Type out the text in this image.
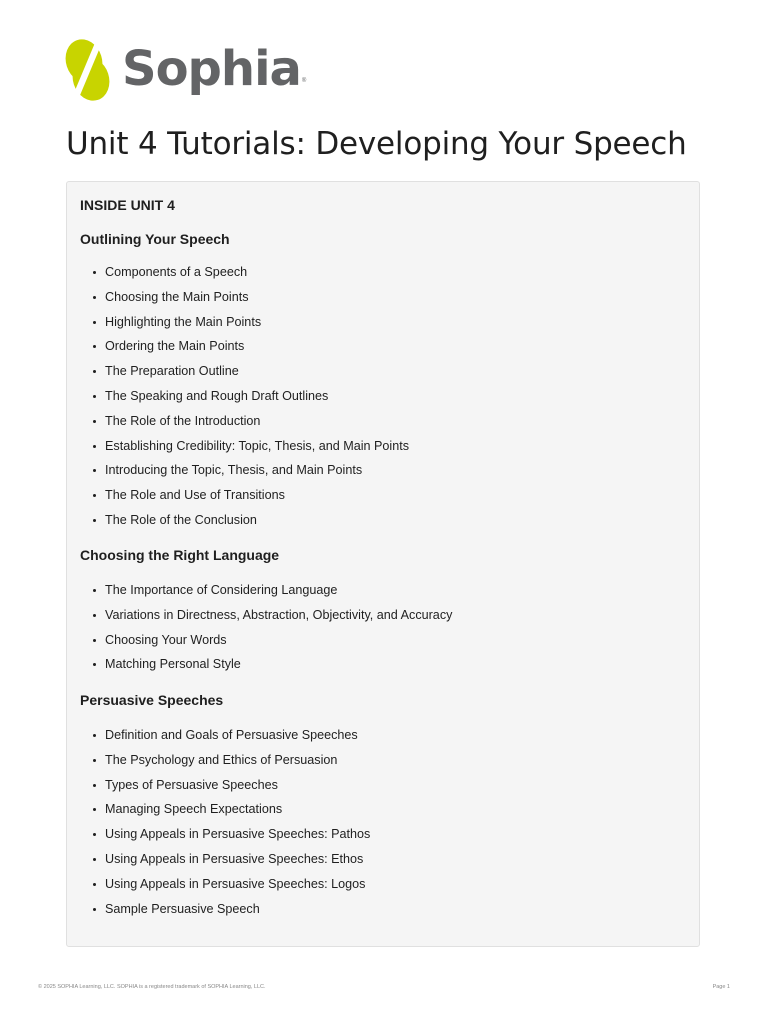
Sophia ®
Unit 4 Tutorials: Developing Your Speech
INSIDE UNIT 4
Outlining Your Speech
Components of a Speech
Choosing the Main Points
Highlighting the Main Points
Ordering the Main Points
The Preparation Outline
The Speaking and Rough Draft Outlines
The Role of the Introduction
Establishing Credibility: Topic, Thesis, and Main Points
Introducing the Topic, Thesis, and Main Points
The Role and Use of Transitions
The Role of the Conclusion
Choosing the Right Language
The Importance of Considering Language
Variations in Directness, Abstraction, Objectivity, and Accuracy
Choosing Your Words
Matching Personal Style
Persuasive Speeches
Definition and Goals of Persuasive Speeches
The Psychology and Ethics of Persuasion
Types of Persuasive Speeches
Managing Speech Expectations
Using Appeals in Persuasive Speeches: Pathos
Using Appeals in Persuasive Speeches: Ethos
Using Appeals in Persuasive Speeches: Logos
Sample Persuasive Speech
© 2025 SOPHIA Learning, LLC. SOPHIA is a registered trademark of SOPHIA Learning, LLC.	Page 1
